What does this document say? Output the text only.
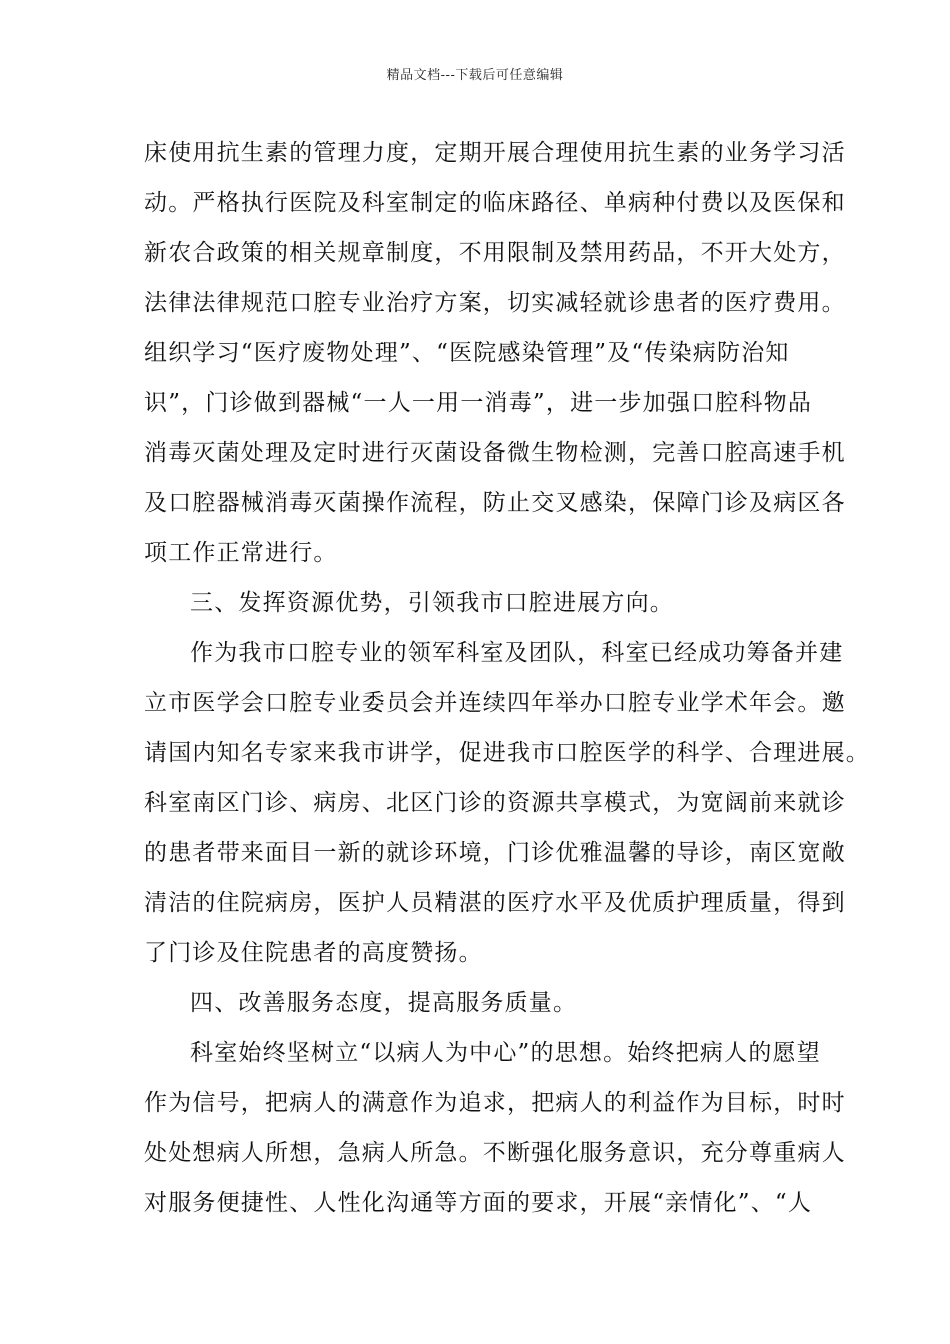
精品文档---下载后可任意编辑
床使用抗生素的管理力度，定期开展合理使用抗生素的业务学习活
动。严格执行医院及科室制定的临床路径、单病种付费以及医保和
新农合政策的相关规章制度，不用限制及禁用药品，不开大处方，
法律法律规范口腔专业治疗方案，切实减轻就诊患者的医疗费用。
组织学习“医疗废物处理”、“医院感染管理”及“传染病防治知
识”，门诊做到器械“一人一用一消毒”，进一步加强口腔科物品
消毒灭菌处理及定时进行灭菌设备微生物检测，完善口腔高速手机
及口腔器械消毒灭菌操作流程，防止交叉感染，保障门诊及病区各
项工作正常进行。
三、发挥资源优势，引领我市口腔进展方向。
作为我市口腔专业的领军科室及团队，科室已经成功筹备并建
立市医学会口腔专业委员会并连续四年举办口腔专业学术年会。邀
请国内知名专家来我市讲学，促进我市口腔医学的科学、合理进展。
科室南区门诊、病房、北区门诊的资源共享模式，为宽阔前来就诊
的患者带来面目一新的就诊环境，门诊优雅温馨的导诊，南区宽敞
清洁的住院病房，医护人员精湛的医疗水平及优质护理质量，得到
了门诊及住院患者的高度赞扬。
四、改善服务态度，提高服务质量。
科室始终坚树立“以病人为中心”的思想。始终把病人的愿望
作为信号，把病人的满意作为追求，把病人的利益作为目标，时时
处处想病人所想，急病人所急。不断强化服务意识，充分尊重病人
对服务便捷性、人性化沟通等方面的要求，开展“亲情化”、“人
